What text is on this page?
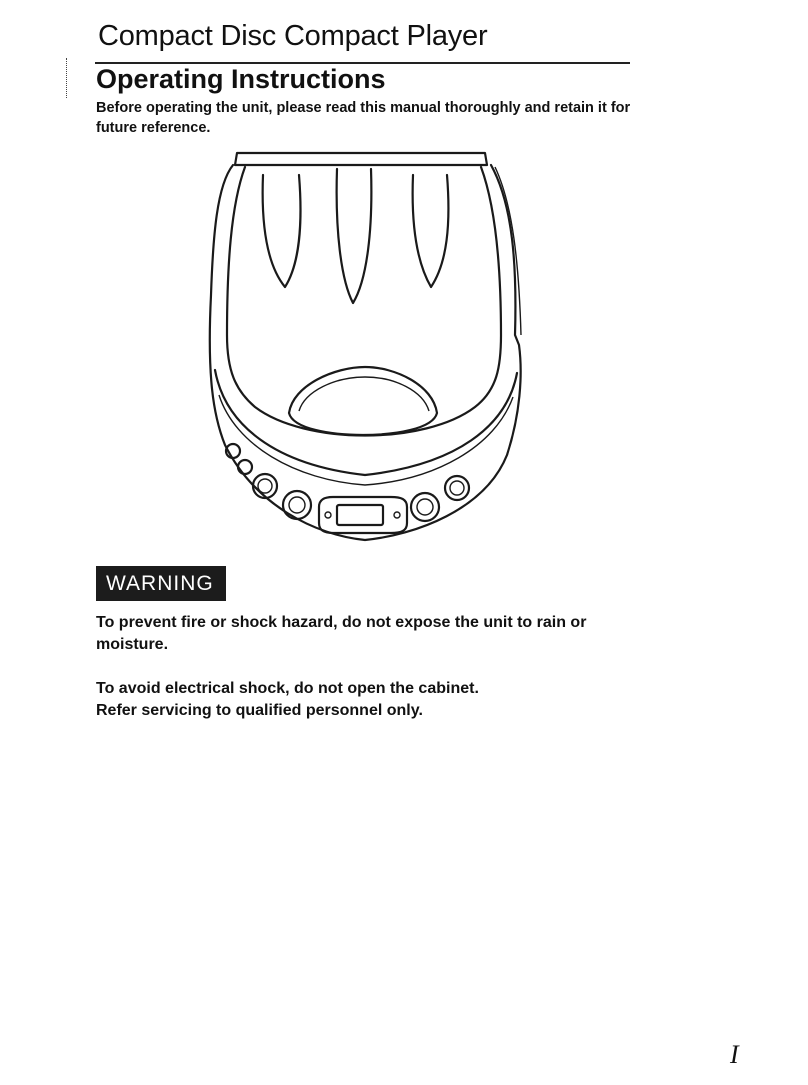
Compact Disc Compact Player
Operating Instructions
Before operating the unit, please read this manual thoroughly and retain it for future reference.
WARNING
To prevent fire or shock hazard, do not expose the unit to rain or moisture.
To avoid electrical shock, do not open the cabinet.
Refer servicing to qualified personnel only.
I
